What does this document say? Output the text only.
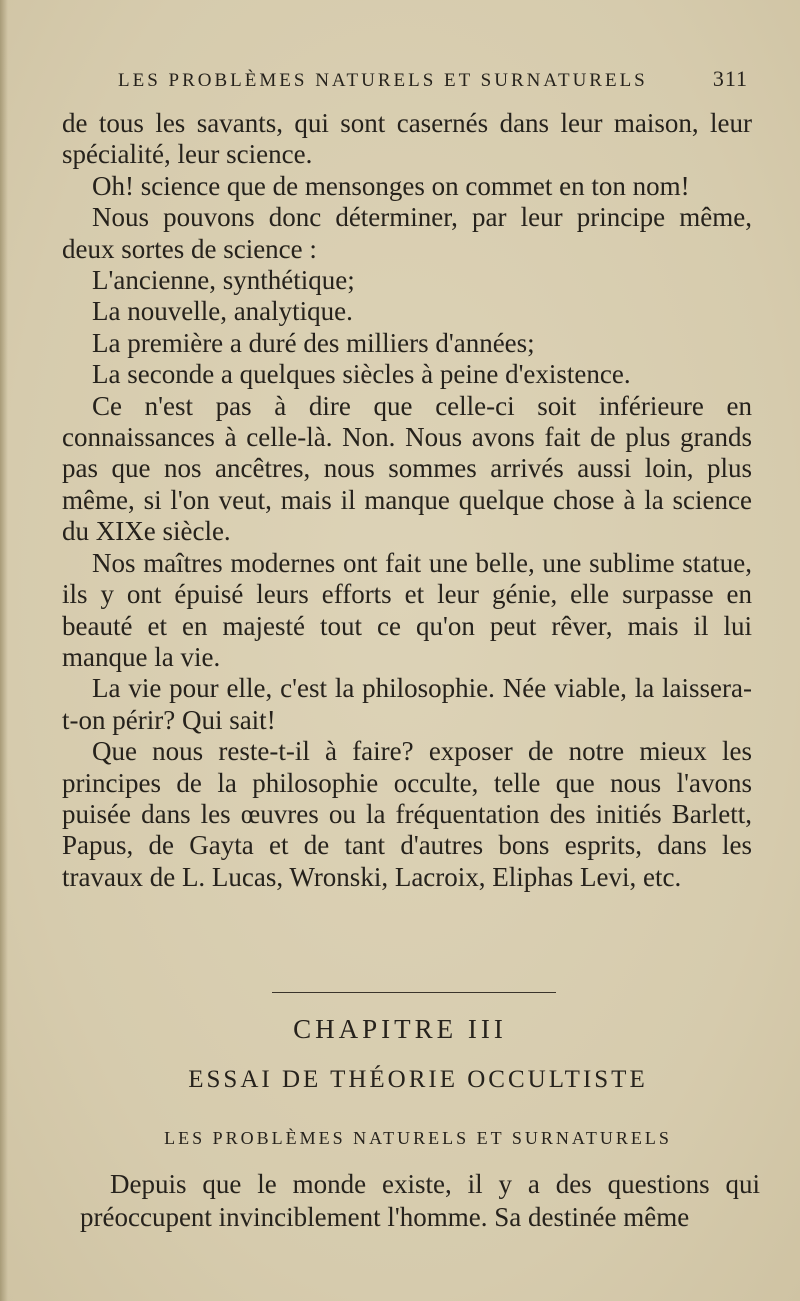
LES PROBLÈMES NATURELS ET SURNATURELS	311

de tous les savants, qui sont casernés dans leur maison, leur spécialité, leur science.

Oh! science que de mensonges on commet en ton nom!

Nous pouvons donc déterminer, par leur principe même, deux sortes de science :

L'ancienne, synthétique;

La nouvelle, analytique.

La première a duré des milliers d'années;

La seconde a quelques siècles à peine d'existence.

Ce n'est pas à dire que celle-ci soit inférieure en connaissances à celle-là. Non. Nous avons fait de plus grands pas que nos ancêtres, nous sommes arrivés aussi loin, plus même, si l'on veut, mais il manque quelque chose à la science du XIXe siècle.

Nos maîtres modernes ont fait une belle, une sublime statue, ils y ont épuisé leurs efforts et leur génie, elle surpasse en beauté et en majesté tout ce qu'on peut rêver, mais il lui manque la vie.

La vie pour elle, c'est la philosophie. Née viable, la laissera-t-on périr? Qui sait!

Que nous reste-t-il à faire? exposer de notre mieux les principes de la philosophie occulte, telle que nous l'avons puisée dans les œuvres ou la fréquentation des initiés Barlett, Papus, de Gayta et de tant d'autres bons esprits, dans les travaux de L. Lucas, Wronski, Lacroix, Eliphas Levi, etc.

CHAPITRE III
ESSAI DE THÉORIE OCCULTISTE
LES PROBLÈMES NATURELS ET SURNATURELS

Depuis que le monde existe, il y a des questions qui préoccupent invinciblement l'homme. Sa destinée même
